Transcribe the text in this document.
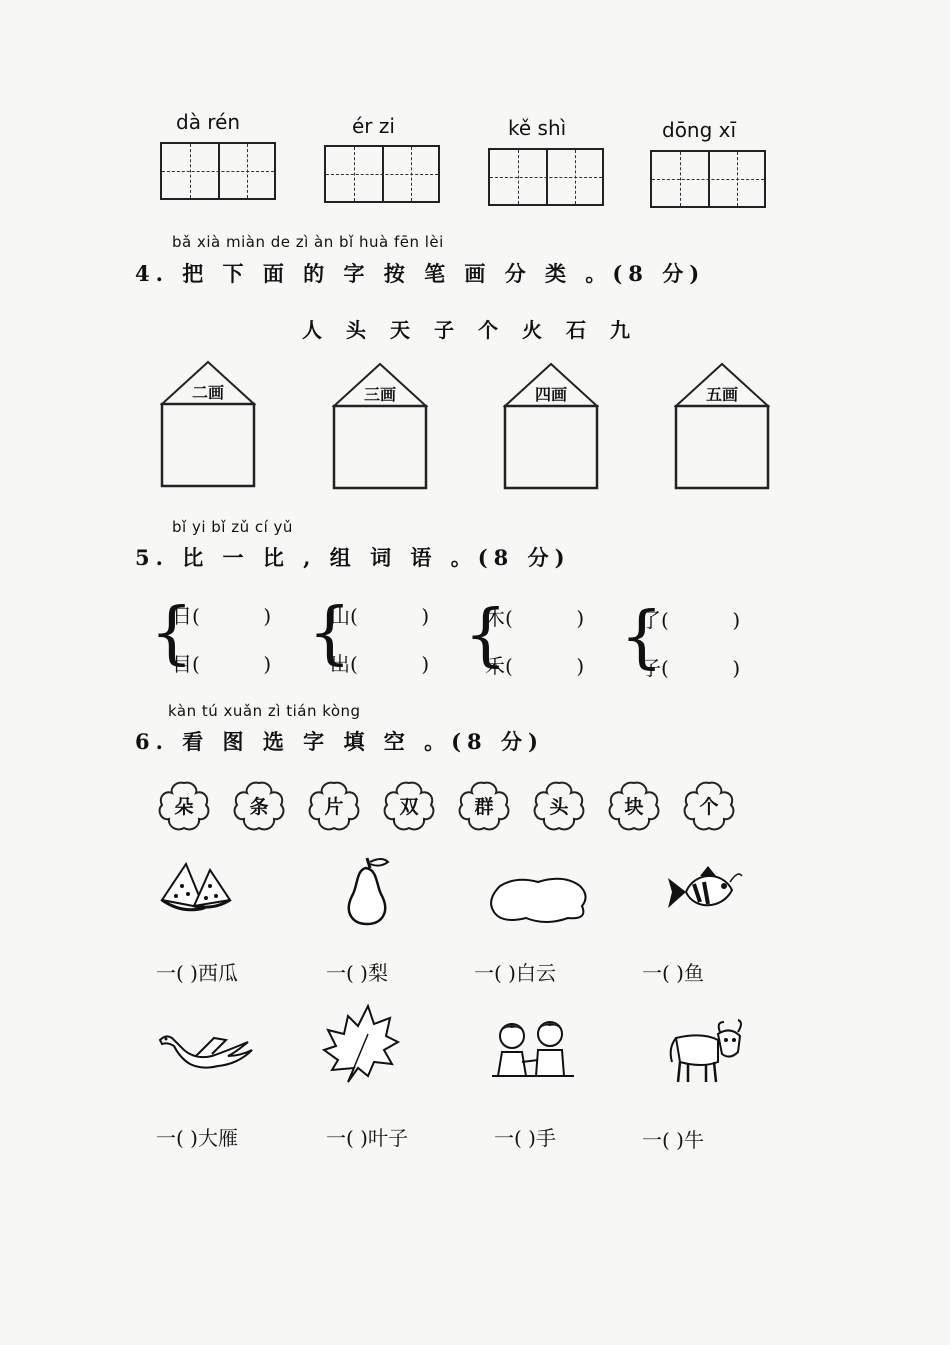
dà rén	ér zi	kě shì	dōng xī
bǎ xià miàn de zì àn bǐ huà fēn lèi
4. 把 下 面 的 字 按 笔 画 分 类 。(8 分)
人头天子个火石九
二画	三画	四画	五画
bǐ yi bǐ zǔ cí yǔ
5. 比 一 比 , 组 词 语 。(8 分)
{
日(          )
目(          ) {
山(          )
出(          ) {
木(          )
禾(          ) {
了(          )
子(          )
kàn tú xuǎn zì tián kòng
6. 看 图 选 字 填 空 。(8 分)
朵	条	片	双	群	头	块	个
一( )西瓜	一( )梨	一( )白云	一( )鱼
一( )大雁	一( )叶子	一( )手	一( )牛
